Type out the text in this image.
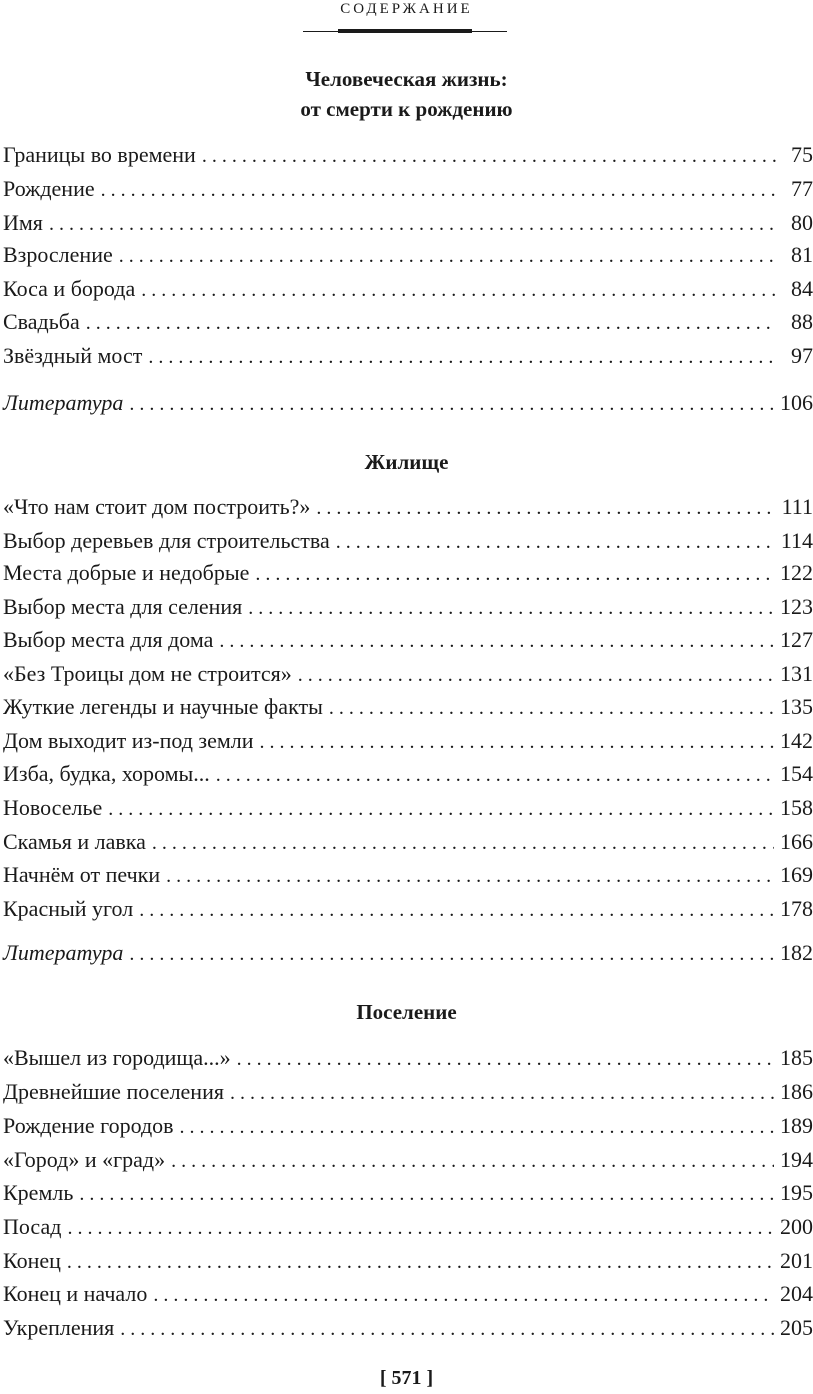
СОДЕРЖАНИЕ
Человеческая жизнь:
от смерти к рождению
Границы во времени . . .	75
Рождение . . .	77
Имя . . .	80
Взросление . . .	81
Коса и борода . . .	84
Свадьба . . .	88
Звёздный мост . . .	97
Литература . . .	106
Жилище
«Что нам стоит дом построить?» . . .	111
Выбор деревьев для строительства . . .	114
Места добрые и недобрые . . .	122
Выбор места для селения . . .	123
Выбор места для дома . . .	127
«Без Троицы дом не строится» . . .	131
Жуткие легенды и научные факты . . .	135
Дом выходит из-под земли . . .	142
Изба, будка, хоромы... . . .	154
Новоселье . . .	158
Скамья и лавка . . .	166
Начнём от печки . . .	169
Красный угол . . .	178
Литература . . .	182
Поселение
«Вышел из городища...» . . .	185
Древнейшие поселения . . .	186
Рождение городов . . .	189
«Город» и «град» . . .	194
Кремль . . .	195
Посад . . .	200
Конец . . .	201
Конец и начало . . .	204
Укрепления . . .	205
[ 571 ]
